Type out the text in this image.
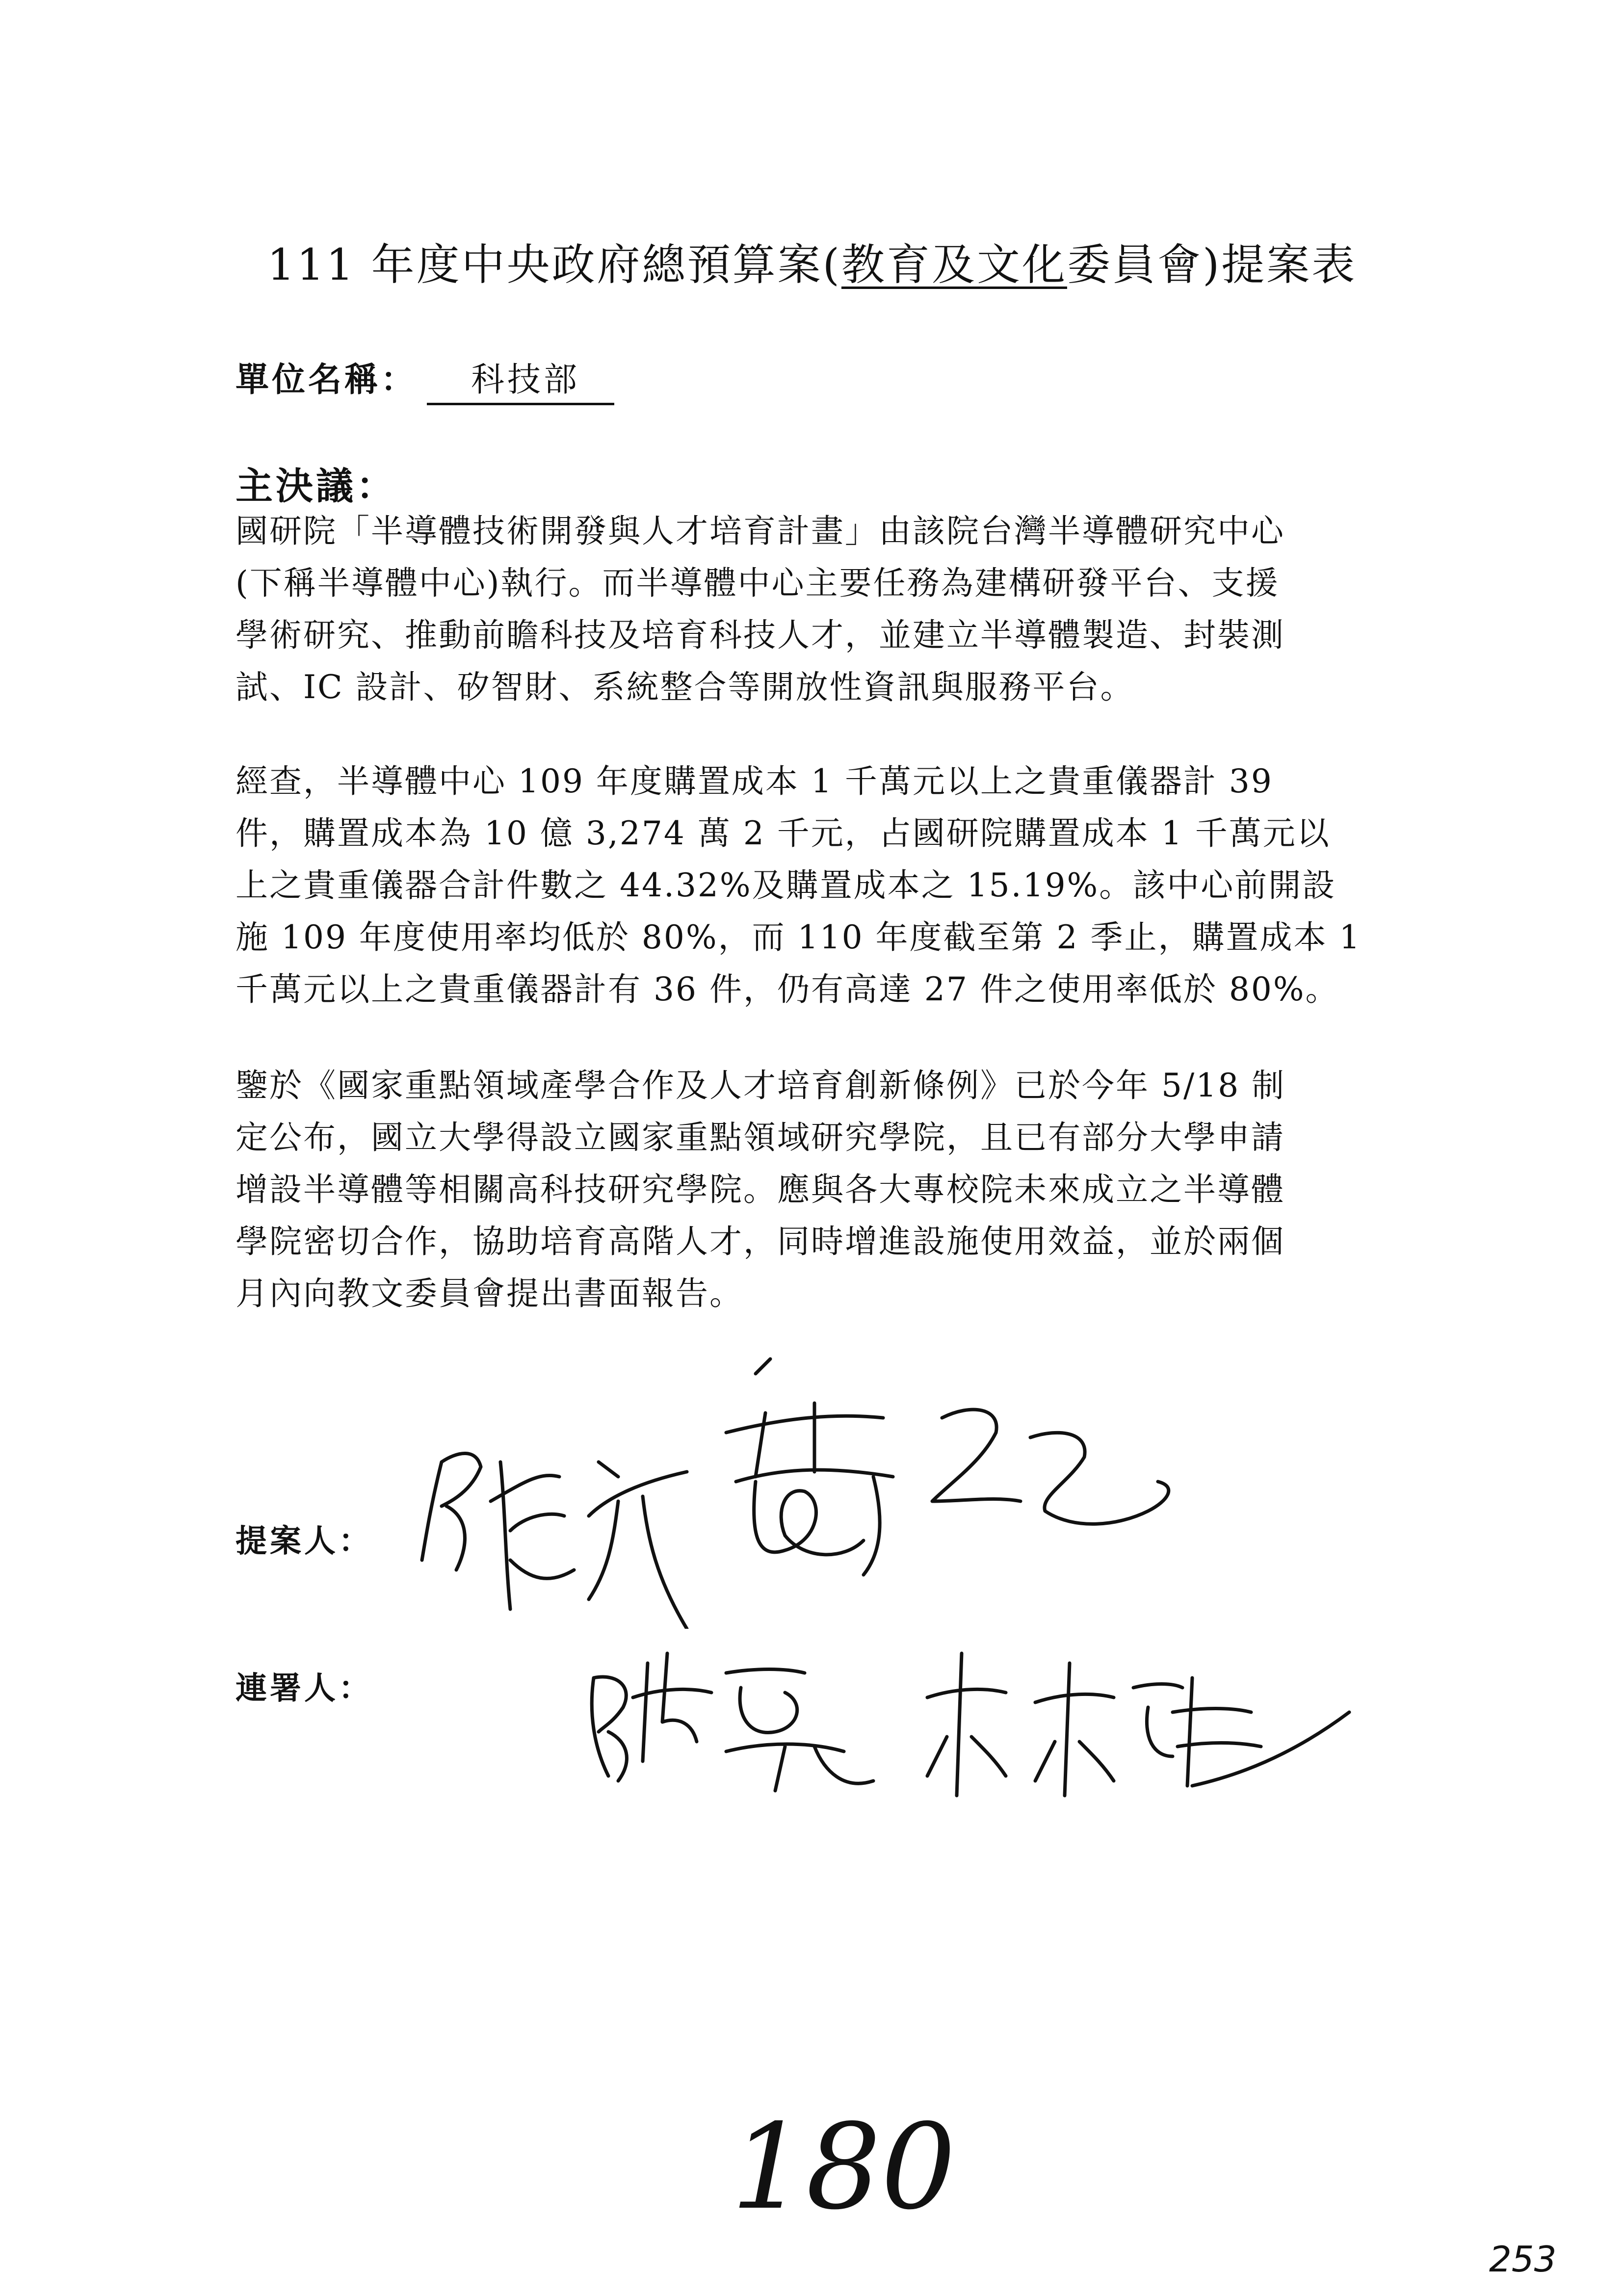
111 年度中央政府總預算案(教育及文化委員會)提案表
單位名稱： 科技部
主決議：
國研院「半導體技術開發與人才培育計畫」由該院台灣半導體研究中心
(下稱半導體中心)執行。而半導體中心主要任務為建構研發平台、支援
學術研究、推動前瞻科技及培育科技人才，並建立半導體製造、封裝測
試、IC 設計、矽智財、系統整合等開放性資訊與服務平台。
經查，半導體中心 109 年度購置成本 1 千萬元以上之貴重儀器計 39
件，購置成本為 10 億 3,274 萬 2 千元，占國研院購置成本 1 千萬元以
上之貴重儀器合計件數之 44.32%及購置成本之 15.19%。該中心前開設
施 109 年度使用率均低於 80%，而 110 年度截至第 2 季止，購置成本 1
千萬元以上之貴重儀器計有 36 件，仍有高達 27 件之使用率低於 80%。
鑒於《國家重點領域產學合作及人才培育創新條例》已於今年 5/18 制
定公布，國立大學得設立國家重點領域研究學院，且已有部分大學申請
增設半導體等相關高科技研究學院。應與各大專校院未來成立之半導體
學院密切合作，協助培育高階人才，同時增進設施使用效益，並於兩個
月內向教文委員會提出書面報告。
提案人：
連署人：
180
253
